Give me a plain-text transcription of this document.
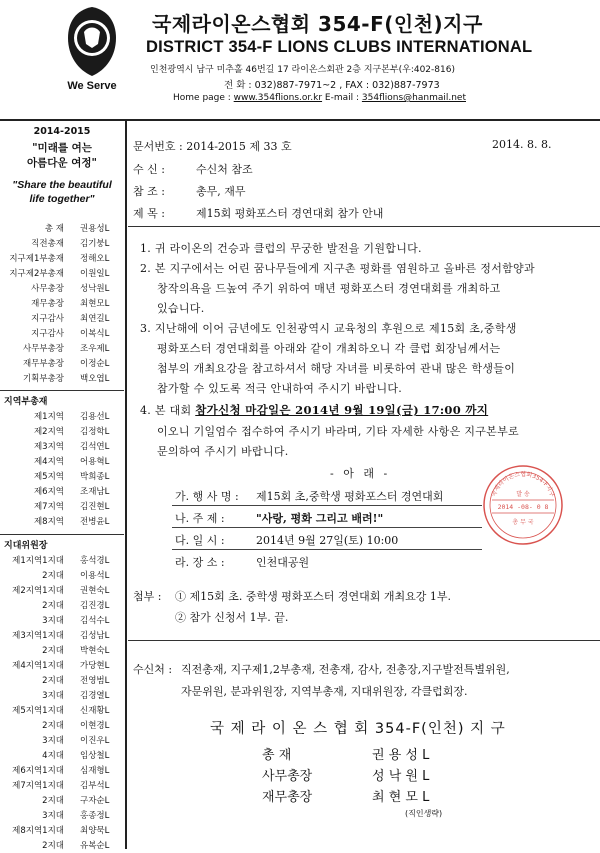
We Serve
국제라이온스협회 354-F(인천)지구
DISTRICT 354-F LIONS CLUBS INTERNATIONAL
인천광역시 남구 미추홀 46번길 17 라이온스회관 2층 지구본부(우:402-816)
전 화 : 032)887-7971~2 , FAX : 032)887-7973
Home page : www.354flions.or.kr E-mail : 354flions@hanmail.net
2014-2015
"미래를 여는
아름다운 여정"
"Share the beautiful
life together"
총 재 권용성L
직전총재 김기붕L
지구제1부총재 정해오L
지구제2부총재 이원일L
사무총장 성낙원L
재무총장 최현모L
지구감사 최연길L
지구감사 이복식L
사무부총장 조우제L
재무부총장 이정순L
기획부총장 백오엽L
지역부총재
제1지역 김용선L
제2지역 김정학L
제3지역 김석연L
제4지역 어용혁L
제5지역 박희종L
제6지역 조재남L
제7지역 김진현L
제8지역 전병윤L
지대위원장
제1지역1지대 홍석경L
2지대 이용석L
제2지역1지대 권현숙L
2지대 김진경L
3지대 김석수L
제3지역1지대 김성남L
2지대 박현숙L
제4지역1지대 가당현L
2지대 전영범L
3지대 김경열L
제5지역1지대 신재황L
2지대 이현경L
3지대 이진우L
4지대 임상철L
제6지역1지대 심재형L
제7지역1지대 김부석L
2지대 구자순L
3지대 홍종정L
제8지역1지대 최양묵L
2지대 유복순L
문서번호 : 2014-2015 제 33 호	2014. 8. 8.
수 신 :	수신처 참조
참 조 :	총무, 재무
제 목 :	제15회 평화포스터 경연대회 참가 안내
1. 귀 라이온의 건승과 클럽의 무궁한 발전을 기원합니다.
2. 본 지구에서는 어린 꿈나무들에게 지구촌 평화를 염원하고 올바른 정서함양과
창작의욕을 드높여 주기 위하여 매년 평화포스터 경연대회를 개최하고
있습니다.
3. 지난해에 이어 금년에도 인천광역시 교육청의 후원으로 제15회 초,중학생
평화포스터 경연대회를 아래와 같이 개최하오니 각 클럽 회장님께서는
첨부의 개최요강을 참고하셔서 해당 자녀를 비롯하여 관내 많은 학생들이
참가할 수 있도록 적극 안내하여 주시기 바랍니다.
4. 본 대회 참가신청 마감일은 2014년 9월 19일(금) 17:00 까지
이오니 기일엄수 접수하여 주시기 바라며, 기타 자세한 사항은 지구본부로
문의하여 주시기 바랍니다.
- 아 래 -
가. 행 사 명 : 제15회 초,중학생 평화포스터 경연대회
나. 주 제 :	"사랑, 평화 그리고 배려!"
다. 일 시 :	2014년 9월 27일(토) 10:00
라. 장 소 :	인천대공원
국제라이온스협회354-F지구
발 송
2014 -08- 0 8
총 무 국
첨부 : ① 제15회 초. 중학생 평화포스터 경연대회 개최요강 1부.
② 참가 신청서 1부. 끝.
수신처 : 직전총재, 지구제1,2부총재, 전총재, 감사, 전총장,지구발전특별위원,
자문위원, 분과위원장, 지역부총재, 지대위원장, 각클럽회장.
국 제 라 이 온 스 협 회 354-F(인천) 지 구
총 재	권 용 성 L
사무총장	성 낙 원 L
재무총장	최 현 모 L
(직인생략)
